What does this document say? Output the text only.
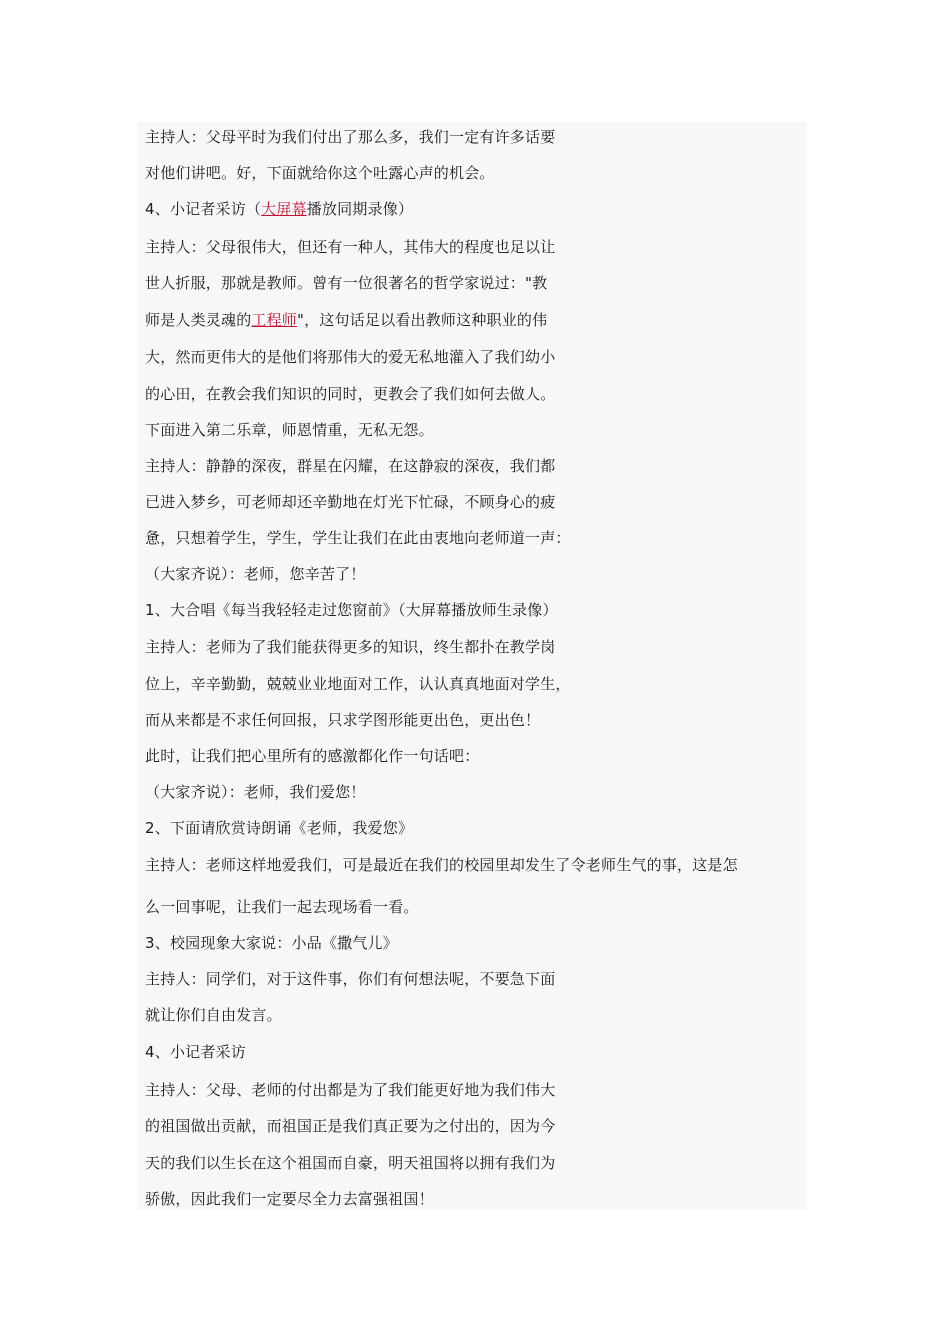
主持人：父母平时为我们付出了那么多，我们一定有许多话要
对他们讲吧。好，下面就给你这个吐露心声的机会。
4、小记者采访（大屏幕播放同期录像）
主持人：父母很伟大，但还有一种人，其伟大的程度也足以让
世人折服，那就是教师。曾有一位很著名的哲学家说过："教
师是人类灵魂的工程师"，这句话足以看出教师这种职业的伟
大，然而更伟大的是他们将那伟大的爱无私地灌入了我们幼小
的心田，在教会我们知识的同时，更教会了我们如何去做人。
下面进入第二乐章，师恩情重，无私无怨。
主持人：静静的深夜，群星在闪耀，在这静寂的深夜，我们都
已进入梦乡，可老师却还辛勤地在灯光下忙碌，不顾身心的疲
惫，只想着学生，学生，学生让我们在此由衷地向老师道一声：
（大家齐说）：老师，您辛苦了！
1、大合唱《每当我轻轻走过您窗前》（大屏幕播放师生录像）
主持人：老师为了我们能获得更多的知识，终生都扑在教学岗
位上，辛辛勤勤，兢兢业业地面对工作，认认真真地面对学生，
而从来都是不求任何回报，只求学图形能更出色，更出色！
此时，让我们把心里所有的感激都化作一句话吧：
（大家齐说）：老师，我们爱您！
2、下面请欣赏诗朗诵《老师，我爱您》
主持人：老师这样地爱我们，可是最近在我们的校园里却发生了令老师生气的事，这是怎
么一回事呢，让我们一起去现场看一看。
3、校园现象大家说：小品《撒气儿》
主持人：同学们，对于这件事，你们有何想法呢，不要急下面
就让你们自由发言。
4、小记者采访
主持人：父母、老师的付出都是为了我们能更好地为我们伟大
的祖国做出贡献，而祖国正是我们真正要为之付出的，因为今
天的我们以生长在这个祖国而自豪，明天祖国将以拥有我们为
骄傲，因此我们一定要尽全力去富强祖国！
